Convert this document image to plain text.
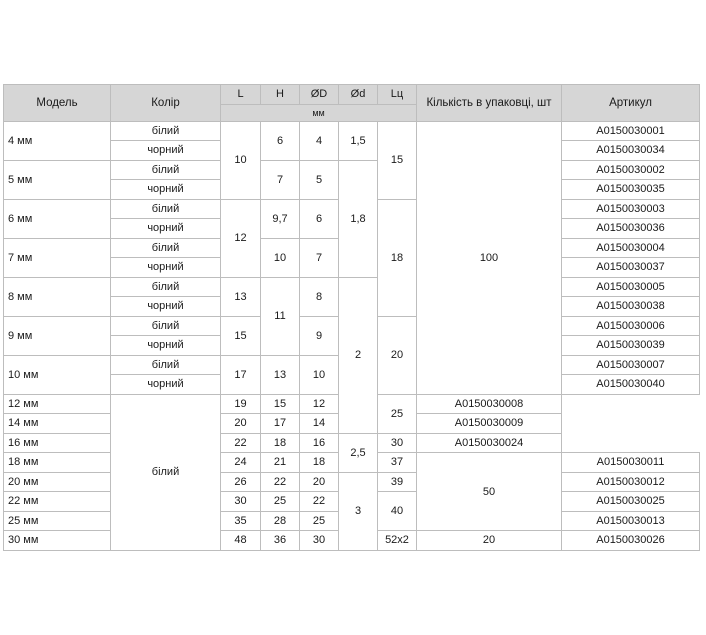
Модель	Колір	L	H	ØD	Ød	Lц	Кількість в упаковці, шт	Артикул
		мм						
4 мм	білий	10	6	4	1,5	15	100	A0150030001
	чорний							A0150030034
5 мм	білий		7	5	1,8			A0150030002
	чорний							A0150030035
6 мм	білий	12	9,7	6		18		A0150030003
	чорний							A0150030036
7 мм	білий		10	7				A0150030004
	чорний							A0150030037
8 мм	білий	13	11	8	2			A0150030005
	чорний							A0150030038
9 мм	білий	15		9		20		A0150030006
	чорний							A0150030039
10 мм	білий	17	13	10				A0150030007
	чорний							A0150030040
12 мм	білий	19	15	12		25	A0150030008	
14 мм		20	17	14			A0150030009	
16 мм		22	18	16	2,5	30	A0150030024	
18 мм		24	21	18		37	50	A0150030011
20 мм		26	22	20	3	39		A0150030012
22 мм		30	25	22		40		A0150030025
25 мм		35	28	25				A0150030013
30 мм		48	36	30		52x2	20	A0150030026
